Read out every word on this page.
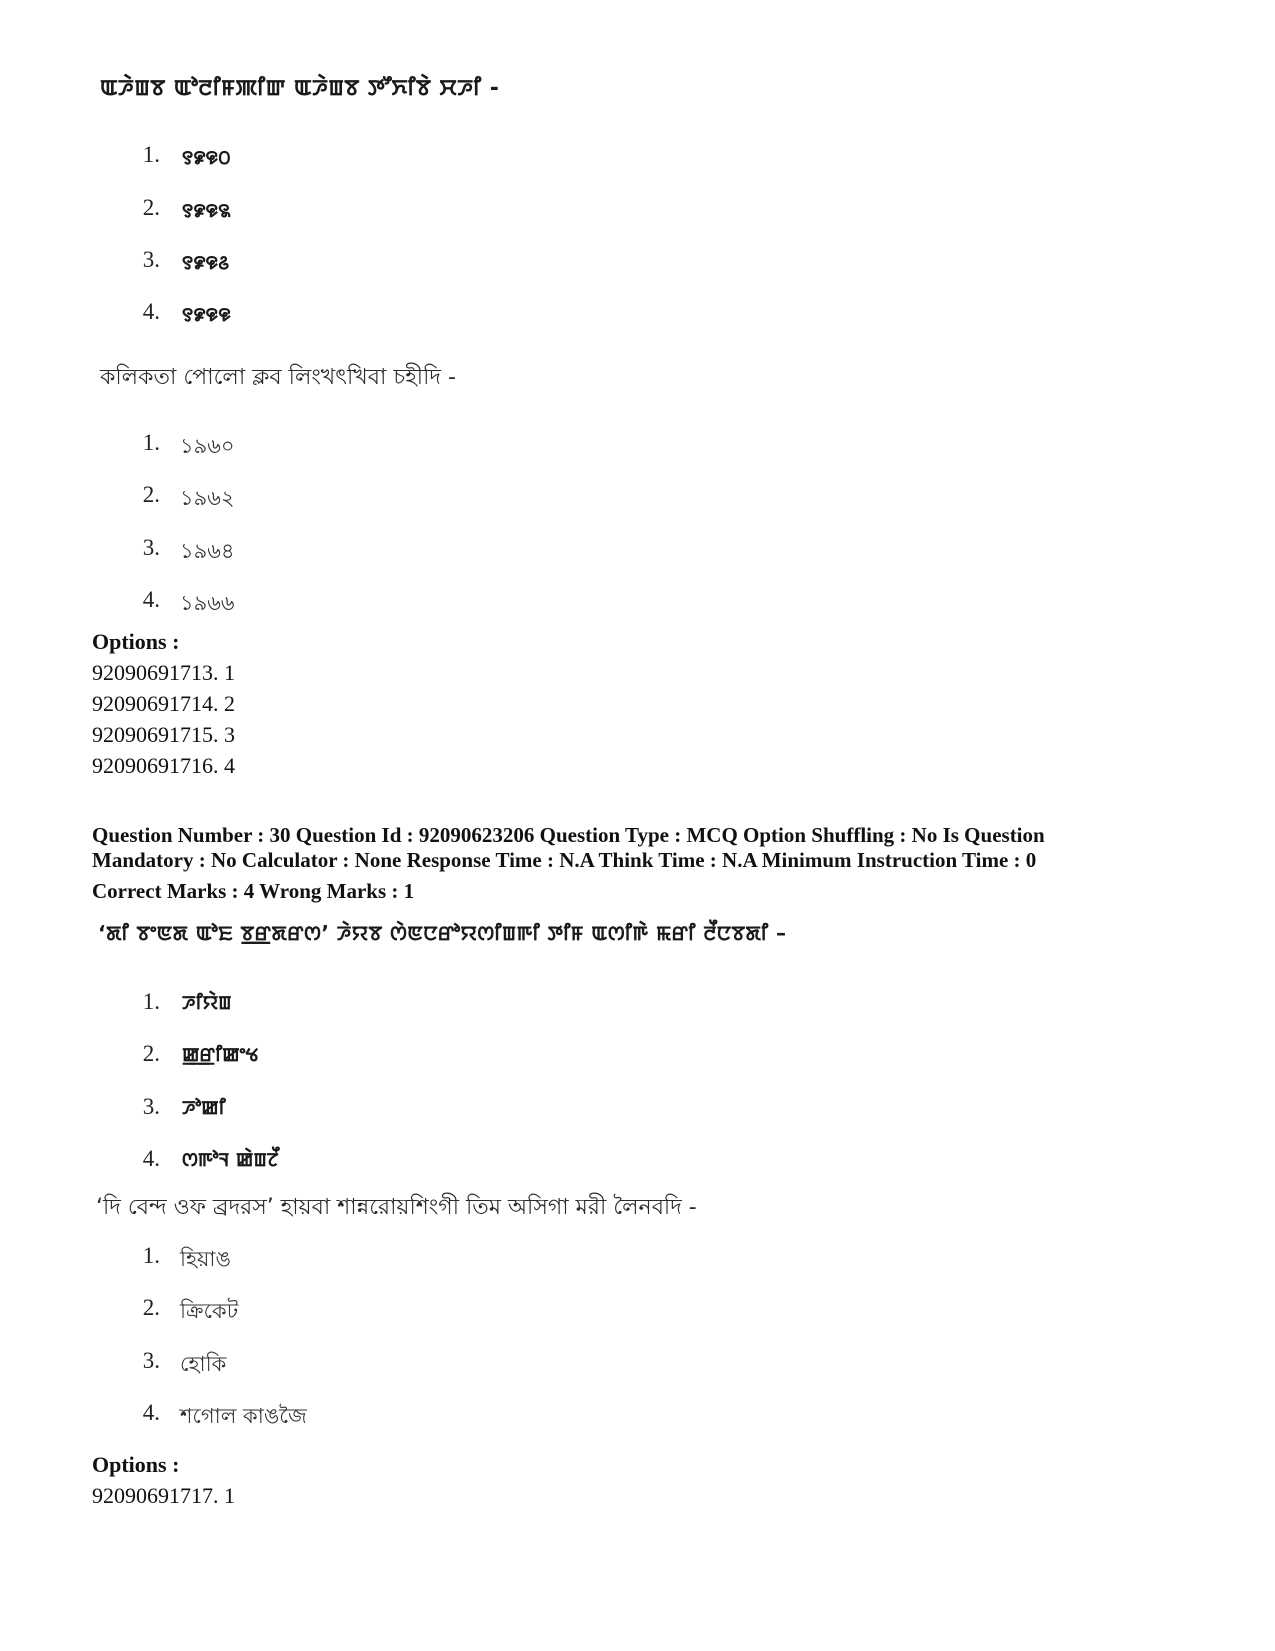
ꯑꯍꯥꯡꯕ ꯑꯣꯂꯤꯝꯄꯤꯛ ꯑꯍꯥꯡꯕ ꯇꯧꯈꯤꯕꯥ ꯆꯍꯤ -
1. ꯱꯹꯶꯰
2. ꯱꯹꯶꯲
3. ꯱꯹꯶꯴
4. ꯱꯹꯶꯶
কলিকতা পোলো ক্লব লিংখৎখিবা চহীদি -
1. ১৯৬০
2. ১৯৬২
3. ১৯৬৪
4. ১৯৬৬
Options :
92090691713. 1
92090691714. 2
92090691715. 3
92090691716. 4
Question Number : 30 Question Id : 92090623206 Question Type : MCQ Option Shuffling : No Is Question
Mandatory : No Calculator : None Response Time : N.A Think Time : N.A Minimum Instruction Time : 0
Correct Marks : 4 Wrong Marks : 1
‘ꯗꯤ ꯕꯦꯟꯗ ꯑꯣꯐ ꯕ꯭ꯔꯗꯔꯁ’ ꯍꯥꯌꯕ ꯁꯥꯟꯅꯔꯣꯌꯁꯤꯡꯒꯤ ꯇꯤꯝ ꯑꯁꯤꯒꯥ ꯃꯔꯤ ꯂꯩꯅꯕꯗꯤ –
1. ꯍꯤꯌꯥꯡ
2. ꯀ꯭ꯔꯤꯀꯦꯠ
3. ꯍꯣꯀꯤ
4. ꯁꯒꯣꯜ ꯀꯥꯡꯖꯩ
‘দি বেন্দ ওফ ব্রদরস’ হায়বা শান্নরোয়শিংগী তিম অসিগা মরী লৈনবদি -
1. হিয়াঙ
2. ক্রিকেট
3. হোকি
4. শগোল কাঙজৈ
Options :
92090691717. 1
